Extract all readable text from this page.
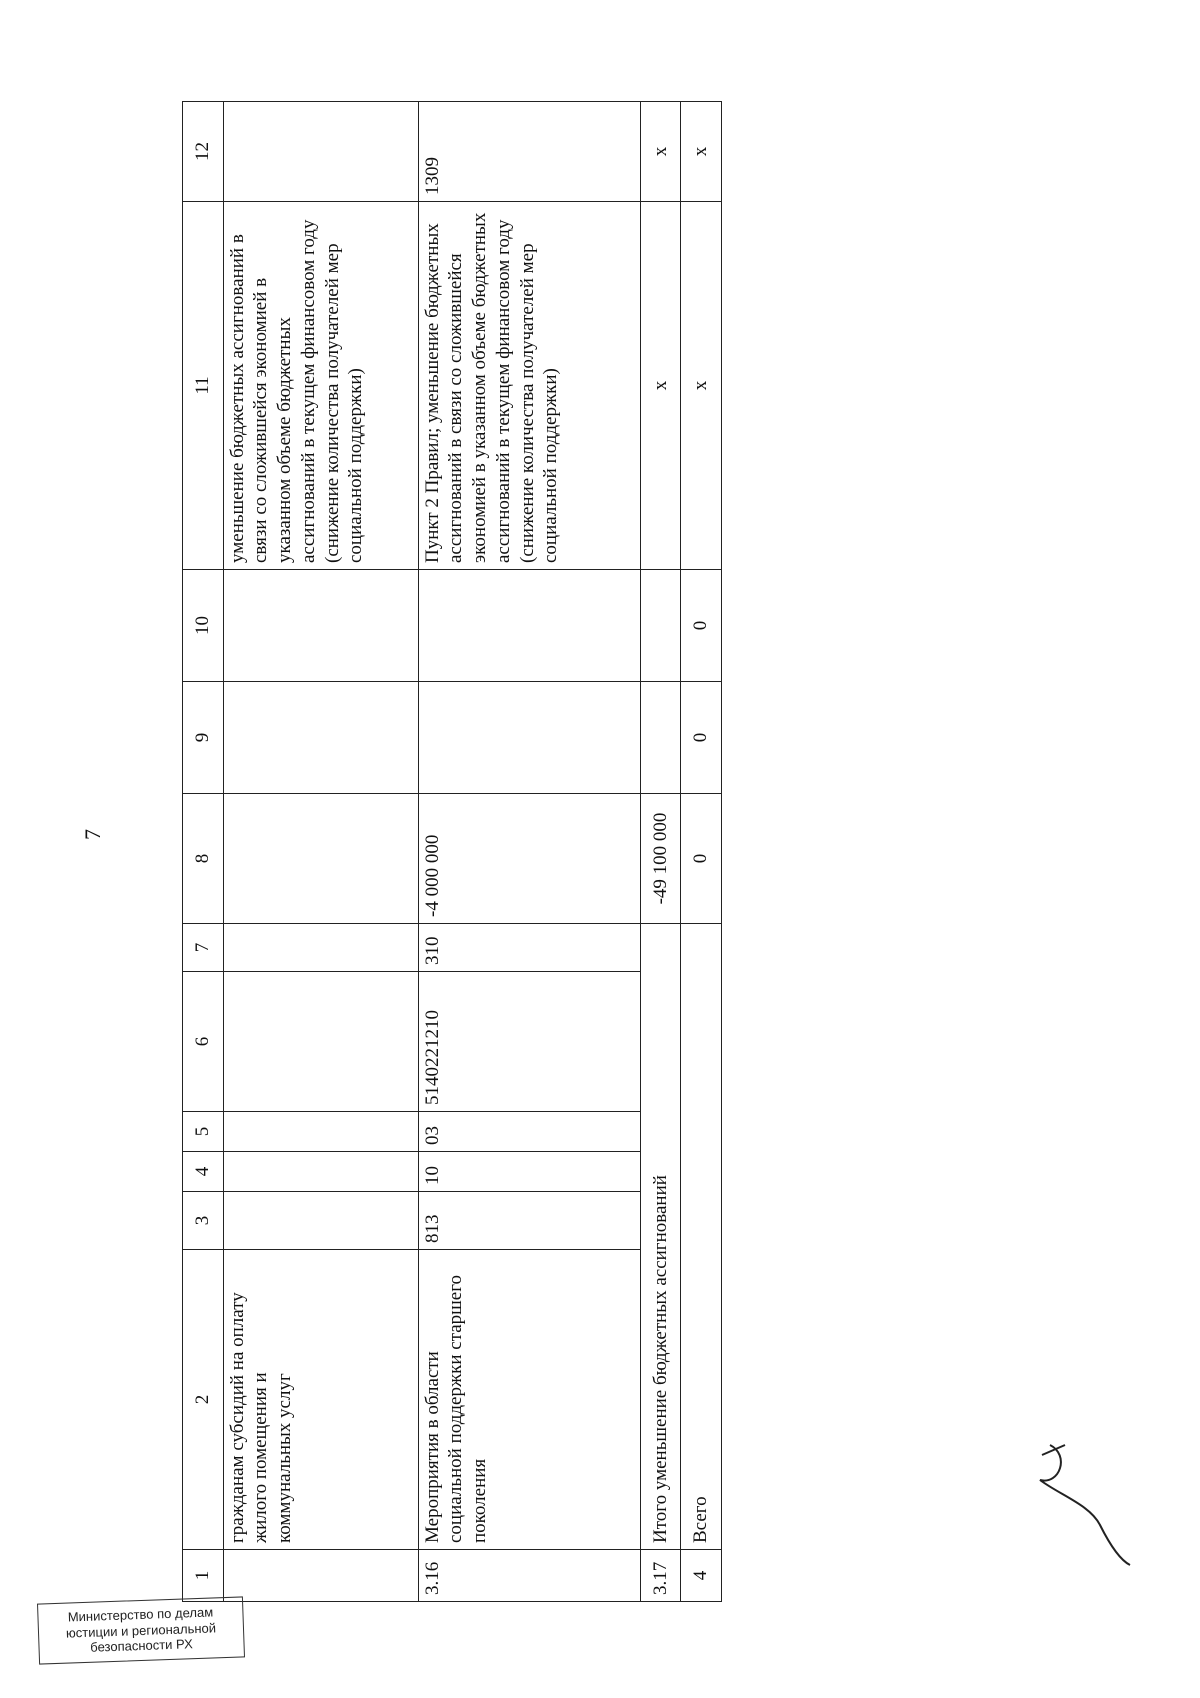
7
1	2	3	4	5	6	7	8	9	10	11	12
	гражданам субсидий на оплату жилого помещения и коммунальных услуг									уменьшение бюджетных ассигнований в связи со сложившейся экономией в указанном объеме бюджетных ассигнований в текущем финансовом году (снижение количества получателей мер социальной поддержки)	
3.16	Мероприятия в области социальной поддержки старшего поколения	813	10	03	5140221210	310	-4 000 000			Пункт 2 Правил; уменьшение бюджетных ассигнований в связи со сложившейся экономией в указанном объеме бюджетных ассигнований в текущем финансовом году (снижение количества получателей мер социальной поддержки)	1309
3.17	Итого уменьшение бюджетных ассигнований						-49 100 000			х	х
4	Всего						0	0	0	х	х
Министерство по делам
юстиции и региональной
безопасности РХ
